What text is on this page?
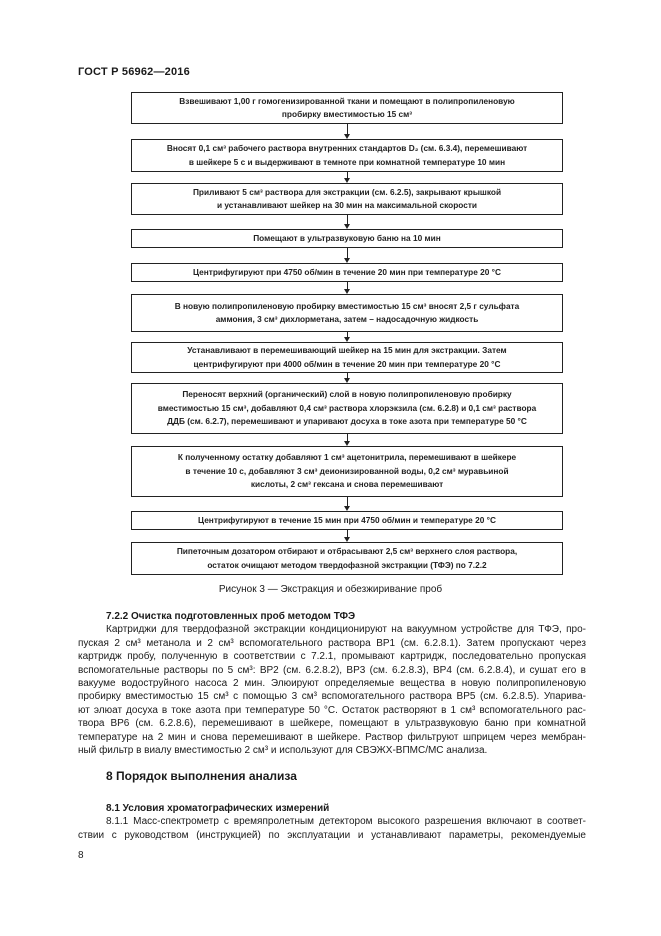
ГОСТ Р 56962—2016
Взвешивают 1,00 г гомогенизированной ткани и помещают в полипропиленовую
пробирку вместимостью 15 см³
Вносят 0,1 см³ рабочего раствора внутренних стандартов D₂ (см. 6.3.4), перемешивают
в шейкере 5 с и выдерживают в темноте при комнатной температуре 10 мин
Приливают 5 см³ раствора для экстракции (см. 6.2.5), закрывают крышкой
и устанавливают шейкер на 30 мин на максимальной скорости
Помещают в ультразвуковую баню на 10 мин
Центрифугируют при 4750 об/мин в течение 20 мин при температуре 20 °C
В новую полипропиленовую пробирку вместимостью 15 см³ вносят 2,5 г сульфата
аммония, 3 см³ дихлорметана, затем – надосадочную жидкость
Устанавливают в перемешивающий шейкер на 15 мин для экстракции. Затем
центрифугируют при 4000 об/мин в течение 20 мин при температуре 20 °C
Переносят верхний (органический) слой в новую полипропиленовую пробирку
вместимостью 15 см³, добавляют 0,4 см³ раствора хлорэкзила (см. 6.2.8) и 0,1 см³ раствора
ДДБ (см. 6.2.7), перемешивают и упаривают досуха в токе азота при температуре 50 °C
К полученному остатку добавляют 1 см³ ацетонитрила, перемешивают в шейкере
в течение 10 с, добавляют 3 см³ деионизированной воды, 0,2 см³ муравьиной
кислоты, 2 см³ гексана и снова перемешивают
Центрифугируют в течение 15 мин при 4750 об/мин и температуре 20 °C
Пипеточным дозатором отбирают и отбрасывают 2,5 см³ верхнего слоя раствора,
остаток очищают методом твердофазной экстракции (ТФЭ) по 7.2.2
Рисунок 3 — Экстракция и обезжиривание проб
7.2.2 Очистка подготовленных проб методом ТФЭ

Картриджи для твердофазной экстракции кондиционируют на вакуумном устройстве для ТФЭ, про-
пуская 2 см³ метанола и 2 см³ вспомогательного раствора ВР1 (см. 6.2.8.1). Затем пропускают через
картридж пробу, полученную в соответствии с 7.2.1, промывают картридж, последовательно пропуская
вспомогательные растворы по 5 см³: ВР2 (см. 6.2.8.2), ВР3 (см. 6.2.8.3), ВР4 (см. 6.2.8.4), и сушат его в
вакууме водоструйного насоса 2 мин. Элюируют определяемые вещества в новую полипропиленовую
пробирку вместимостью 15 см³ с помощью 3 см³ вспомогательного раствора ВР5 (см. 6.2.8.5). Упарива-
ют элюат досуха в токе азота при температуре 50 °C. Остаток растворяют в 1 см³ вспомогательного рас-
твора ВР6 (см. 6.2.8.6), перемешивают в шейкере, помещают в ультразвуковую баню при комнатной
температуре на 2 мин и снова перемешивают в шейкере. Раствор фильтруют шприцем через мембран-
ный фильтр в виалу вместимостью 2 см³ и используют для СВЭЖХ-ВПМС/МС анализа.

8 Порядок выполнения анализа
8.1 Условия хроматографических измерений

8.1.1 Масс-спектрометр с времяпролетным детектором высокого разрешения включают в соответ-
ствии с руководством (инструкцией) по эксплуатации и устанавливают параметры, рекомендуемые

8
